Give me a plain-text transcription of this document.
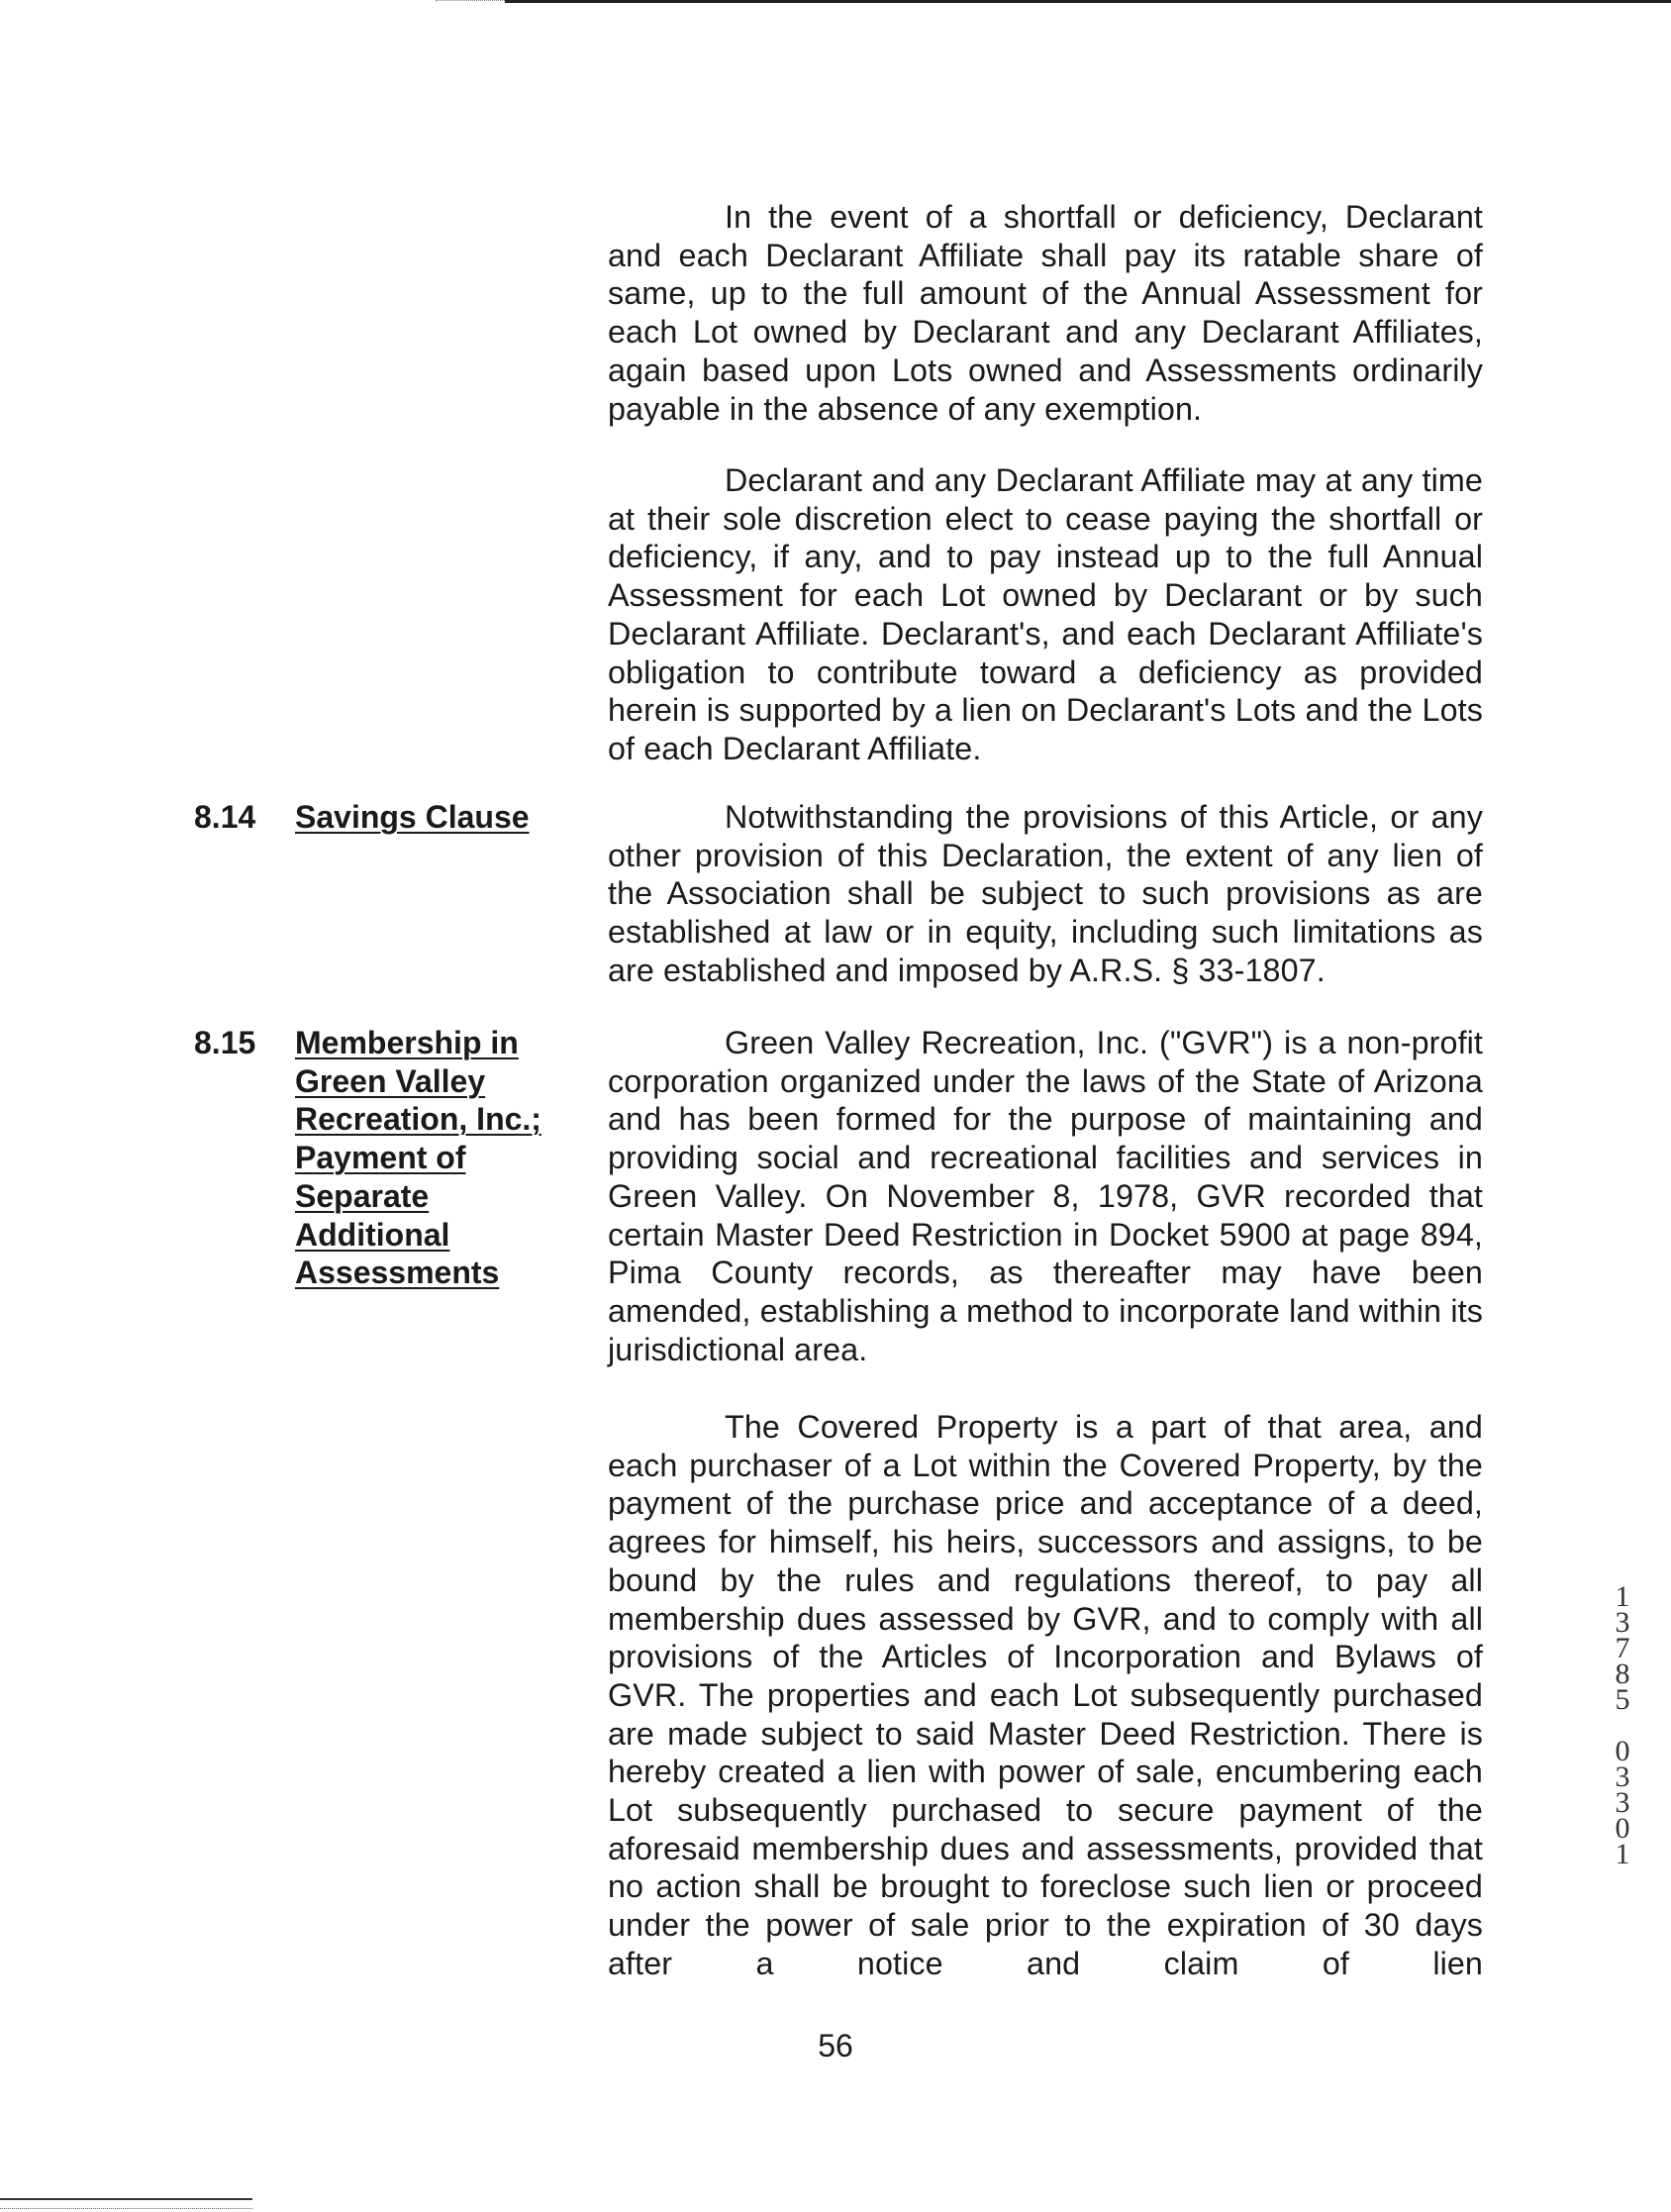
In the event of a shortfall or deficiency, Declarant and each Declarant Affiliate shall pay its ratable share of same, up to the full amount of the Annual Assessment for each Lot owned by Declarant and any Declarant Affiliates, again based upon Lots owned and Assessments ordinarily payable in the absence of any exemption.

Declarant and any Declarant Affiliate may at any time at their sole discretion elect to cease paying the shortfall or deficiency, if any, and to pay instead up to the full Annual Assessment for each Lot owned by Declarant or by such Declarant Affiliate. Declarant's, and each Declarant Affiliate's obligation to contribute toward a deficiency as provided herein is supported by a lien on Declarant's Lots and the Lots of each Declarant Affiliate.

8.14 Savings Clause	Notwithstanding the provisions of this Article, or any other provision of this Declaration, the extent of any lien of the Association shall be subject to such provisions as are established at law or in equity, including such limitations as are established and imposed by A.R.S. § 33-1807.

8.15 Membership in
Green Valley
Recreation, Inc.;
Payment of
Separate
Additional
Assessments

Green Valley Recreation, Inc. ("GVR") is a non-profit corporation organized under the laws of the State of Arizona and has been formed for the purpose of maintaining and providing social and recreational facilities and services in Green Valley. On November 8, 1978, GVR recorded that certain Master Deed Restriction in Docket 5900 at page 894, Pima County records, as thereafter may have been amended, establishing a method to incorporate land within its jurisdictional area.

The Covered Property is a part of that area, and each purchaser of a Lot within the Covered Property, by the payment of the purchase price and acceptance of a deed, agrees for himself, his heirs, successors and assigns, to be bound by the rules and regulations thereof, to pay all membership dues assessed by GVR, and to comply with all provisions of the Articles of Incorporation and Bylaws of GVR. The properties and each Lot subsequently purchased are made subject to said Master Deed Restriction. There is hereby created a lien with power of sale, encumbering each Lot subsequently purchased to secure payment of the aforesaid membership dues and assessments, provided that no action shall be brought to foreclose such lien or proceed under the power of sale prior to the expiration of 30 days after a notice and claim of lien

56
1
3
7
8
5

0
3
3
0
1
